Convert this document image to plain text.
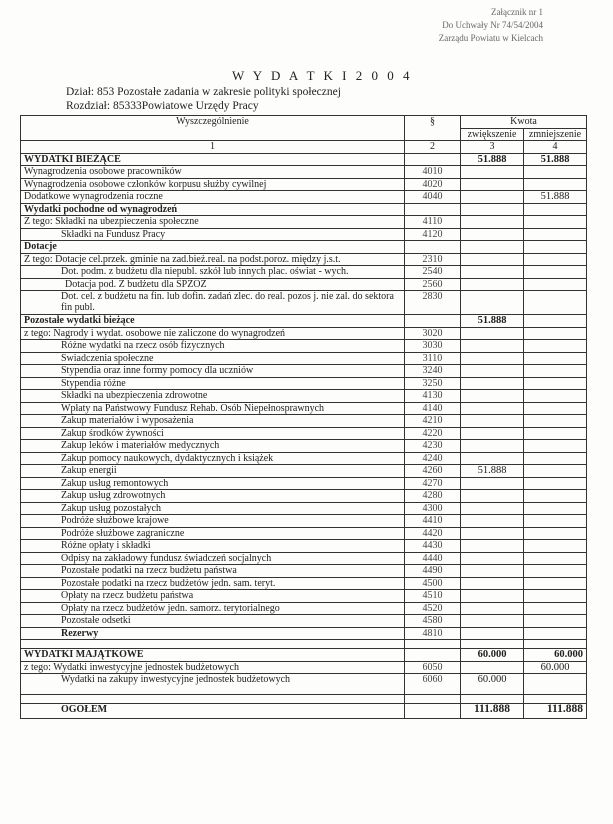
Załącznik nr 1
Do Uchwały Nr 74/54/2004
Zarządu Powiatu w Kielcach
W Y D A T K I 2 0 0 4
Dział: 853 Pozostałe zadania w zakresie polityki społecznej
Rozdział: 85333Powiatowe Urzędy Pracy
Wyszczególnienie	§	Kwota	
		zwiększenie	zmniejszenie
1	2	3	4
WYDATKI BIEŻĄCE		51.888	51.888
Wynagrodzenia osobowe pracowników	4010		
Wynagrodzenia osobowe członków korpusu służby cywilnej	4020		
Dodatkowe wynagrodzenia roczne	4040		51.888
Wydatki pochodne od wynagrodzeń			
Z tego: Składki na ubezpieczenia społeczne	4110		
Składki na Fundusz Pracy	4120		
Dotacje			
Z tego: Dotacje cel.przek. gminie na zad.bież.real. na podst.poroz. między j.s.t.	2310		
Dot. podm. z budżetu dla niepubl. szkół lub innych plac. oświat - wych.	2540		
Dotacja pod. Z budżetu dla SPZOZ	2560		
Dot. cel. z budżetu na fin. lub dofin. zadań zlec. do real. pozos j. nie zal. do sektora fin publ.	2830		
Pozostałe wydatki bieżące		51.888	
z tego: Nagrody i wydat. osobowe nie zaliczone do wynagrodzeń	3020		
Różne wydatki na rzecz osób fizycznych	3030		
Świadczenia społeczne	3110		
Stypendia oraz inne formy pomocy dla uczniów	3240		
Stypendia różne	3250		
Składki na ubezpieczenia zdrowotne	4130		
Wpłaty na Państwowy Fundusz Rehab. Osób Niepełnosprawnych	4140		
Zakup materiałów i wyposażenia	4210		
Zakup środków żywności	4220		
Zakup leków i materiałów medycznych	4230		
Zakup pomocy naukowych, dydaktycznych i książek	4240		
Zakup energii	4260	51.888	
Zakup usług remontowych	4270		
Zakup usług zdrowotnych	4280		
Zakup usług pozostałych	4300		
Podróże służbowe krajowe	4410		
Podróże służbowe zagraniczne	4420		
Różne opłaty i składki	4430		
Odpisy na zakładowy fundusz świadczeń socjalnych	4440		
Pozostałe podatki na rzecz budżetu państwa	4490		
Pozostałe podatki na rzecz budżetów jedn. sam. teryt.	4500		
Opłaty na rzecz budżetu państwa	4510		
Opłaty na rzecz budżetów jedn. samorz. terytorialnego	4520		
Pozostałe odsetki	4580		
Rezerwy	4810		

WYDATKI MAJĄTKOWE		60.000	60.000
z tego: Wydatki inwestycyjne jednostek budżetowych	6050		60.000
Wydatki na zakupy inwestycyjne jednostek budżetowych	6060	60.000	

OGÓŁEM		111.888	111.888
